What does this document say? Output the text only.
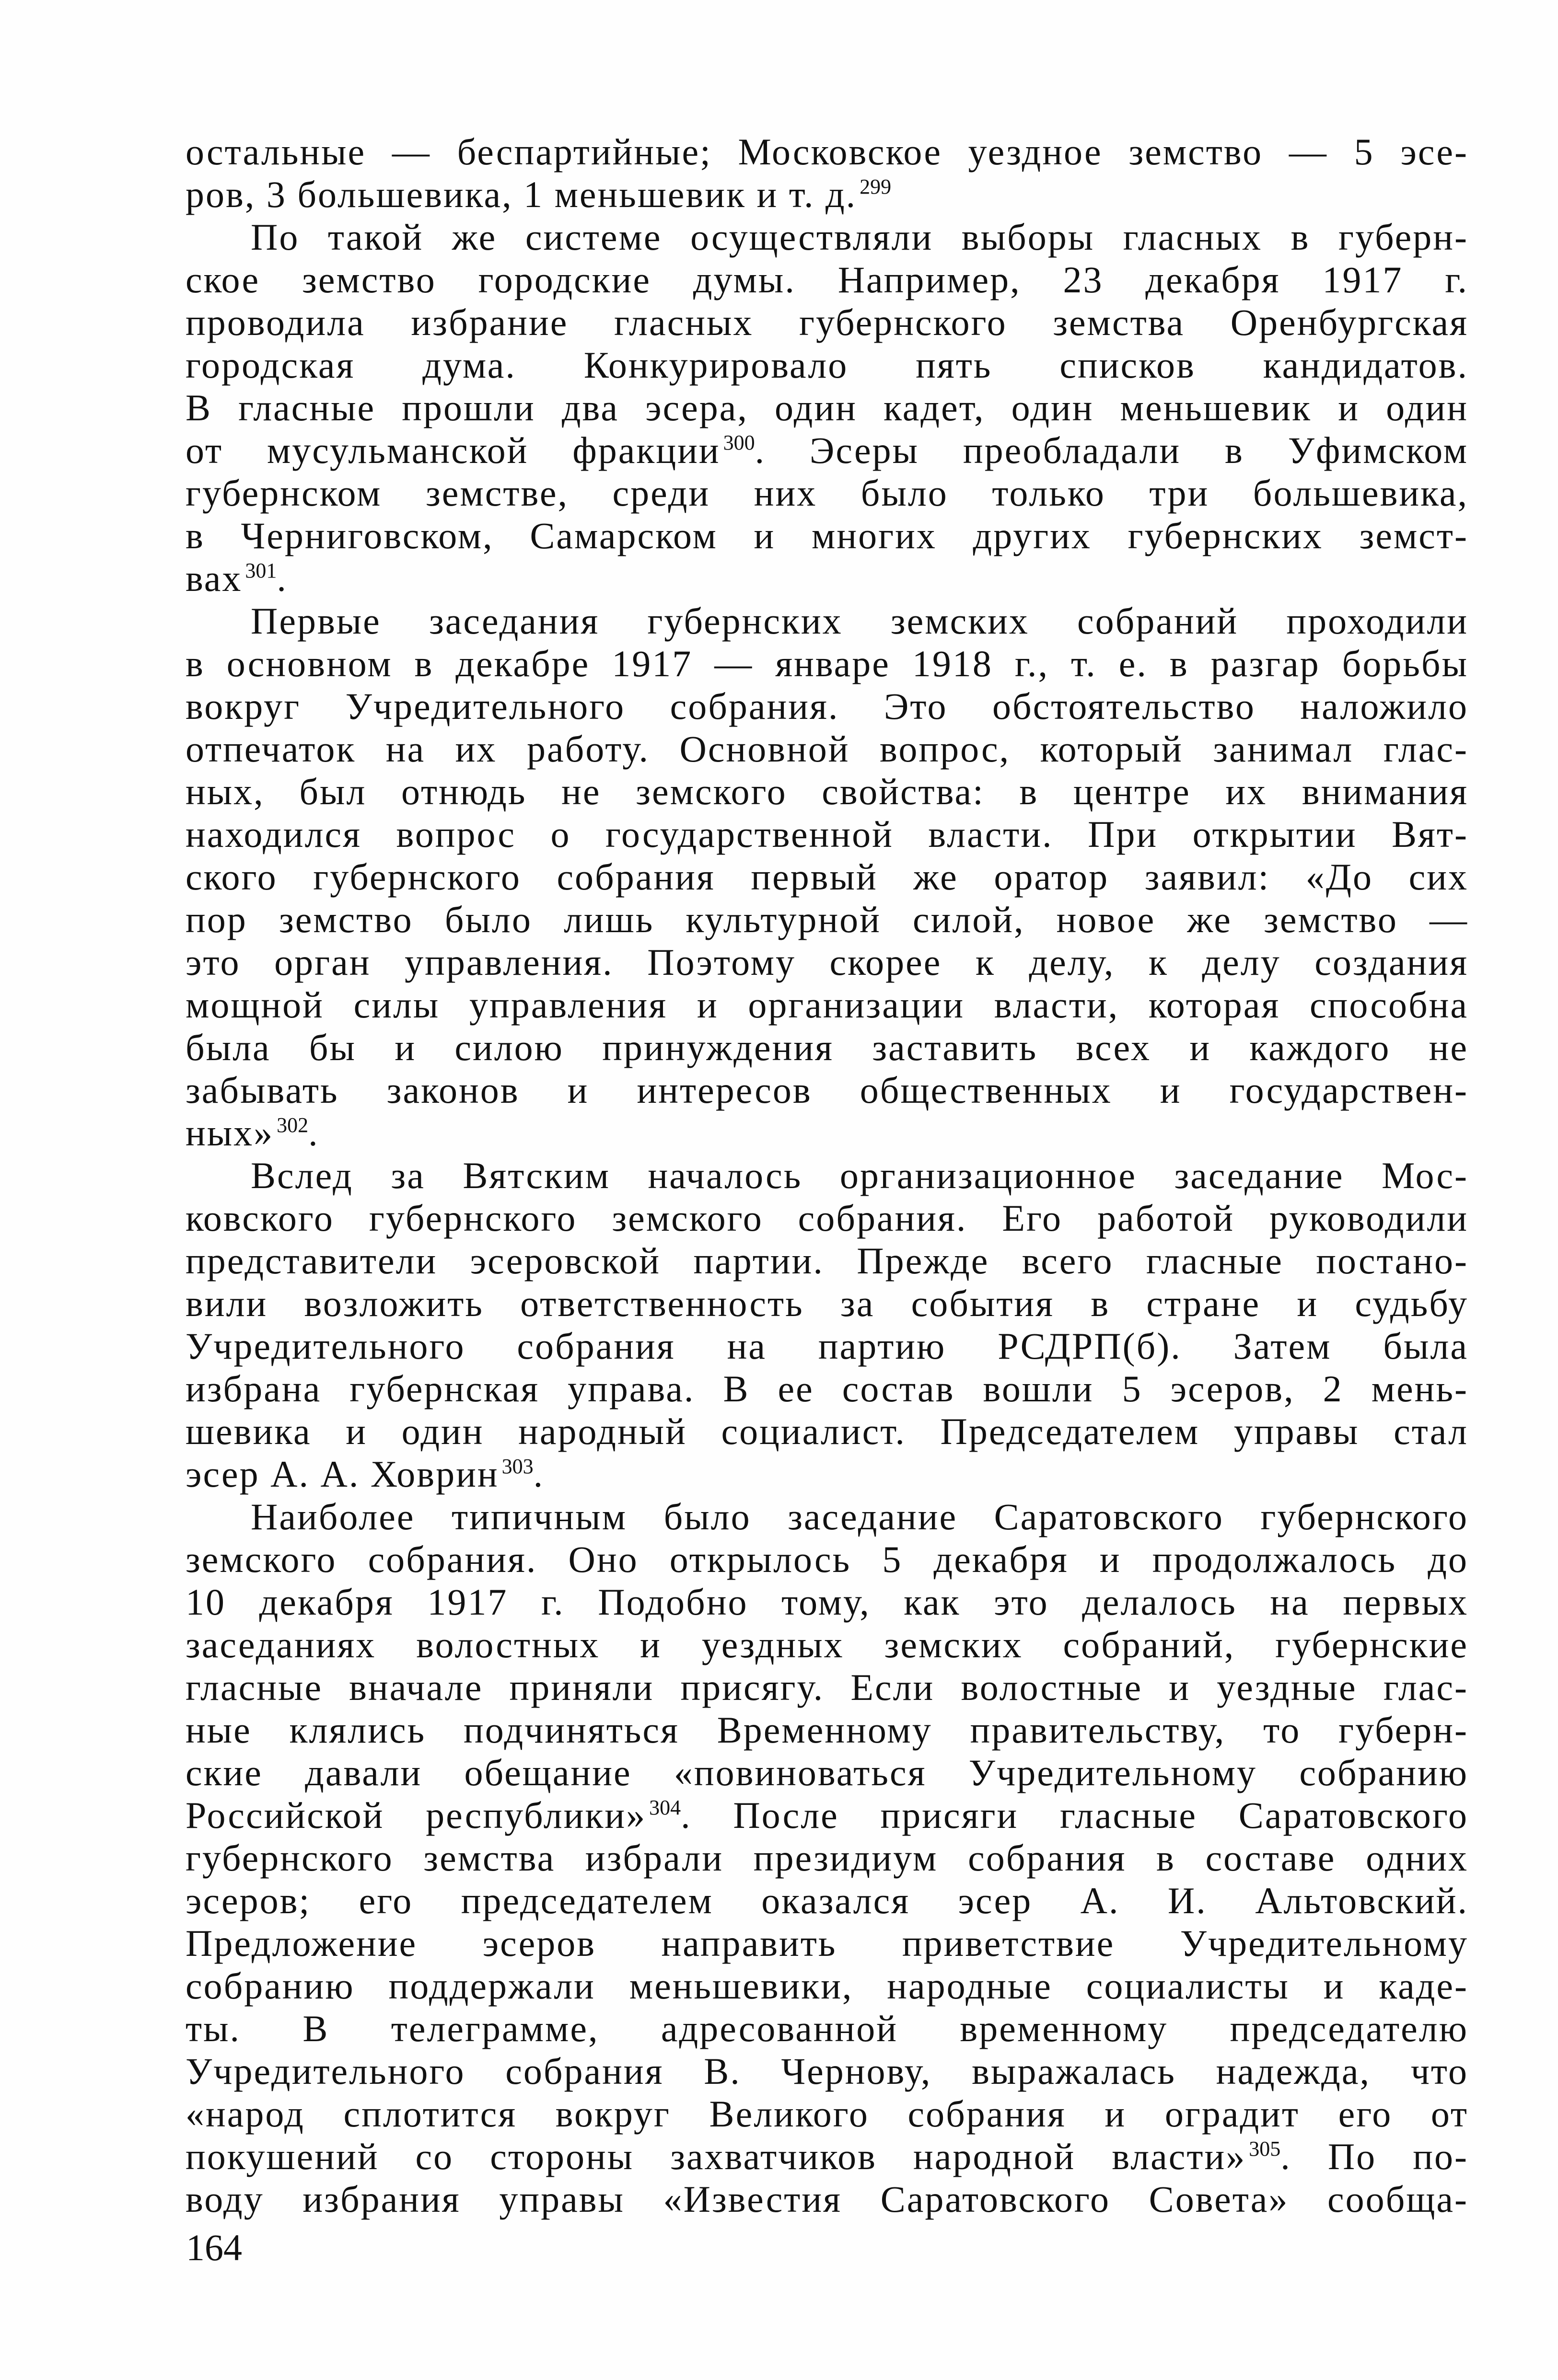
остальные — беспартийные; Московское уездное земство — 5 эсе-
ров, 3 большевика, 1 меньшевик и т. д. $^{299}$
По такой же системе осуществляли выборы гласных в губерн-
ское земство городские думы. Например, 23 декабря 1917 г.
проводила избрание гласных губернского земства Оренбургская
городская дума. Конкурировало пять списков кандидатов.
В гласные прошли два эсера, один кадет, один меньшевик и один
от мусульманской фракции $^{300}$. Эсеры преобладали в Уфимском
губернском земстве, среди них было только три большевика,
в Черниговском, Самарском и многих других губернских земст-
вах $^{301}$.
Первые заседания губернских земских собраний проходили
в основном в декабре 1917 — январе 1918 г., т. е. в разгар борьбы
вокруг Учредительного собрания. Это обстоятельство наложило
отпечаток на их работу. Основной вопрос, который занимал глас-
ных, был отнюдь не земского свойства: в центре их внимания
находился вопрос о государственной власти. При открытии Вят-
ского губернского собрания первый же оратор заявил: «До сих
пор земство было лишь культурной силой, новое же земство —
это орган управления. Поэтому скорее к делу, к делу создания
мощной силы управления и организации власти, которая способна
была бы и силою принуждения заставить всех и каждого не
забывать законов и интересов общественных и государствен-
ных» $^{302}$.
Вслед за Вятским началось организационное заседание Мос-
ковского губернского земского собрания. Его работой руководили
представители эсеровской партии. Прежде всего гласные постано-
вили возложить ответственность за события в стране и судьбу
Учредительного собрания на партию РСДРП(б). Затем была
избрана губернская управа. В ее состав вошли 5 эсеров, 2 мень-
шевика и один народный социалист. Председателем управы стал
эсер А. А. Ховрин $^{303}$.
Наиболее типичным было заседание Саратовского губернского
земского собрания. Оно открылось 5 декабря и продолжалось до
10 декабря 1917 г. Подобно тому, как это делалось на первых
заседаниях волостных и уездных земских собраний, губернские
гласные вначале приняли присягу. Если волостные и уездные глас-
ные клялись подчиняться Временному правительству, то губерн-
ские давали обещание «повиноваться Учредительному собранию
Российской республики» $^{304}$. После присяги гласные Саратовского
губернского земства избрали президиум собрания в составе одних
эсеров; его председателем оказался эсер А. И. Альтовский.
Предложение эсеров направить приветствие Учредительному
собранию поддержали меньшевики, народные социалисты и каде-
ты. В телеграмме, адресованной временному председателю
Учредительного собрания В. Чернову, выражалась надежда, что
«народ сплотится вокруг Великого собрания и оградит его от
покушений со стороны захватчиков народной власти» $^{305}$. По по-
воду избрания управы «Известия Саратовского Совета» сообща-
164
